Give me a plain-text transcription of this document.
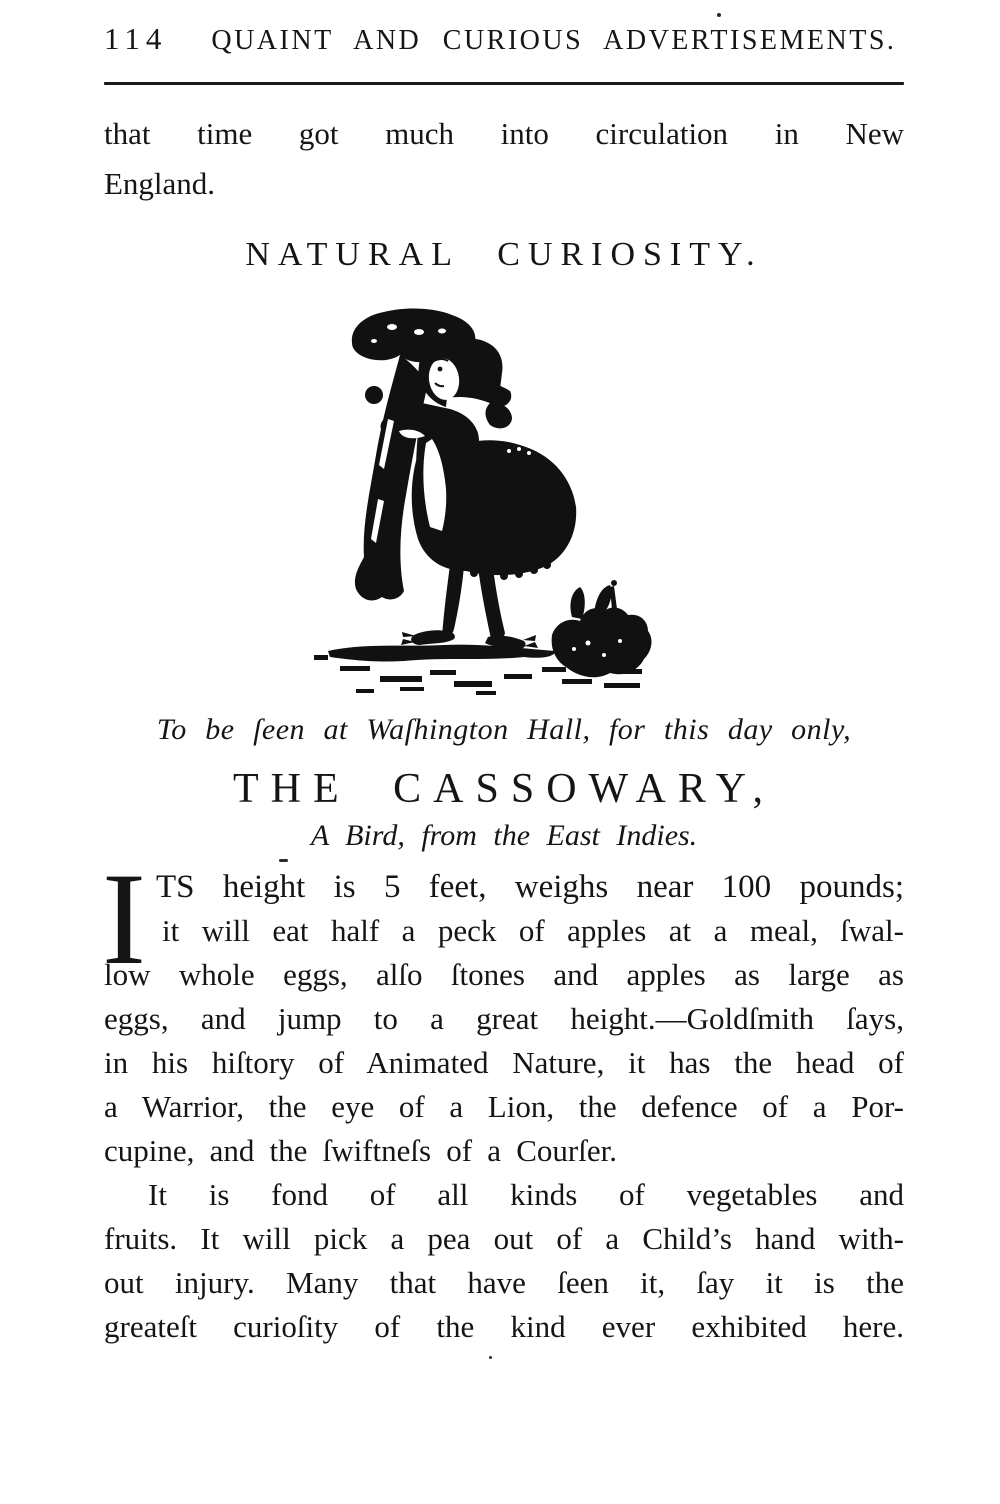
114 QUAINT AND CURIOUS ADVERTISEMENTS.
that time got much into circulation in New
England.
NATURAL CURIOSITY.
To be ſeen at Waſhington Hall, for this day only,
THE CASSOWARY,
A Bird, from the East Indies.
I TS height is 5 feet, weighs near 100 pounds;
it will eat half a peck of apples at a meal, ſwal-
low whole eggs, alſo ſtones and apples as large as
eggs, and jump to a great height.—Goldſmith ſays,
in his hiſtory of Animated Nature, it has the head of
a Warrior, the eye of a Lion, the defence of a Por-
cupine, and the ſwiftneſs of a Courſer.
It is fond of all kinds of vegetables and
fruits. It will pick a pea out of a Child’s hand with-
out injury. Many that have ſeen it, ſay it is the
greateſt curioſity of the kind ever exhibited here.
